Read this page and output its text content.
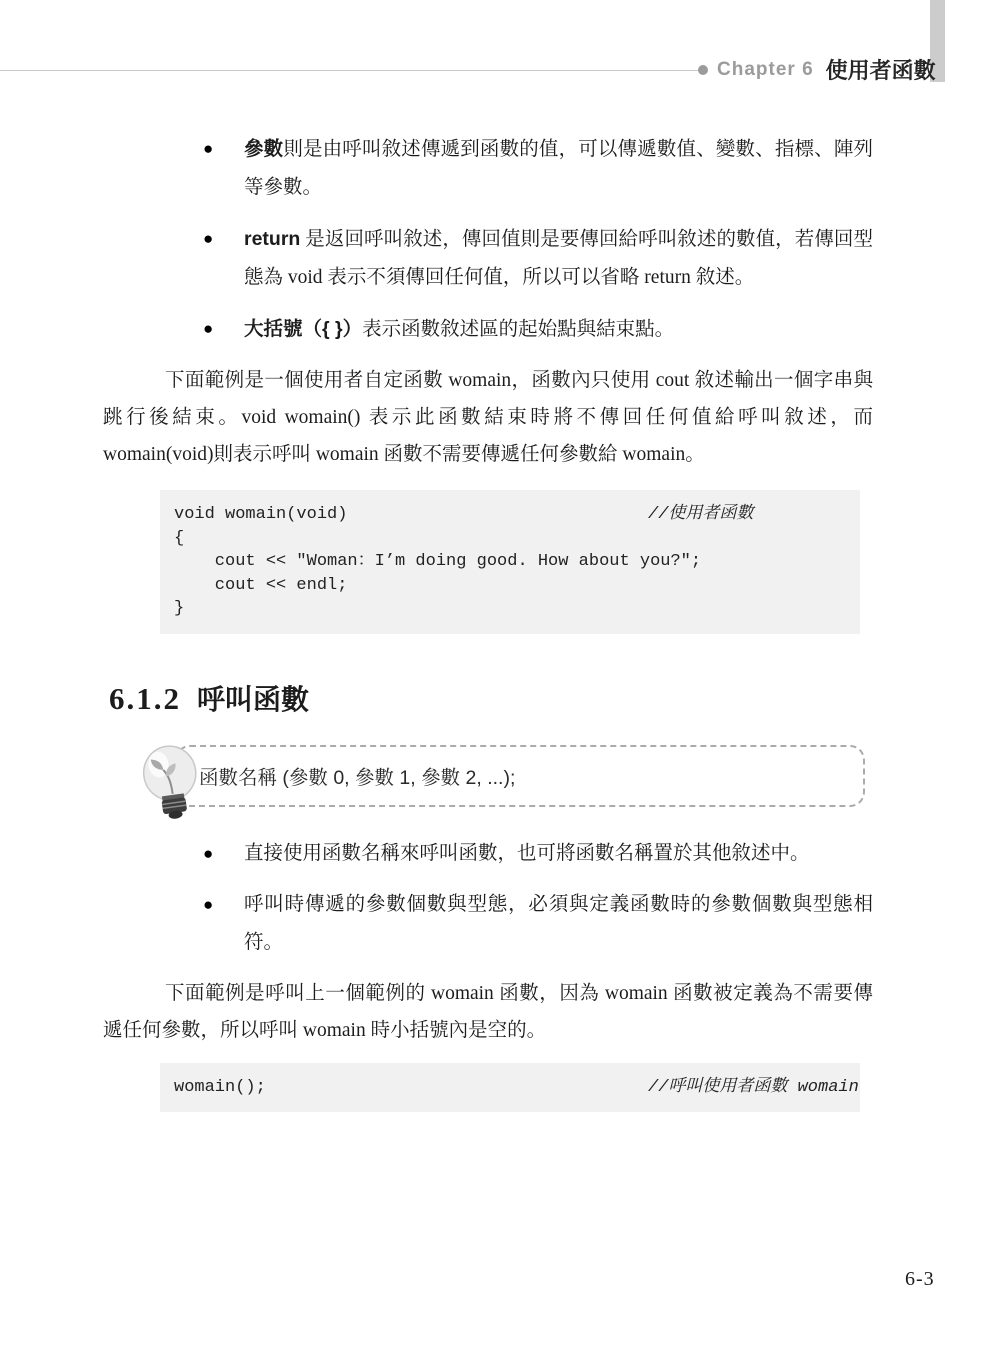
Chapter 6 使用者函數
●	參數則是由呼叫敘述傳遞到函數的值，可以傳遞數值、變數、指標、陣列等參數。
●	return 是返回呼叫敘述，傳回值則是要傳回給呼叫敘述的數值，若傳回型態為 void 表示不須傳回任何值，所以可以省略 return 敘述。
●	大括號（{ }）表示函數敘述區的起始點與結束點。

下面範例是一個使用者自定函數 womain，函數內只使用 cout 敘述輸出一個字串與跳行後結束。void womain() 表示此函數結束時將不傳回任何值給呼叫敘述，而 womain(void)則表示呼叫 womain 函數不需要傳遞任何參數給 womain。

void womain(void)	//使用者函數
{
cout << "Woman：I’m doing good. How about you?";
cout << endl;
}
6.1.2 呼叫函數
函數名稱 (參數 0, 參數 1, 參數 2, ...);
●	直接使用函數名稱來呼叫函數，也可將函數名稱置於其他敘述中。
●	呼叫時傳遞的參數個數與型態，必須與定義函數時的參數個數與型態相符。

下面範例是呼叫上一個範例的 womain 函數，因為 womain 函數被定義為不需要傳遞任何參數，所以呼叫 womain 時小括號內是空的。

womain();	//呼叫使用者函數 womain
6-3
